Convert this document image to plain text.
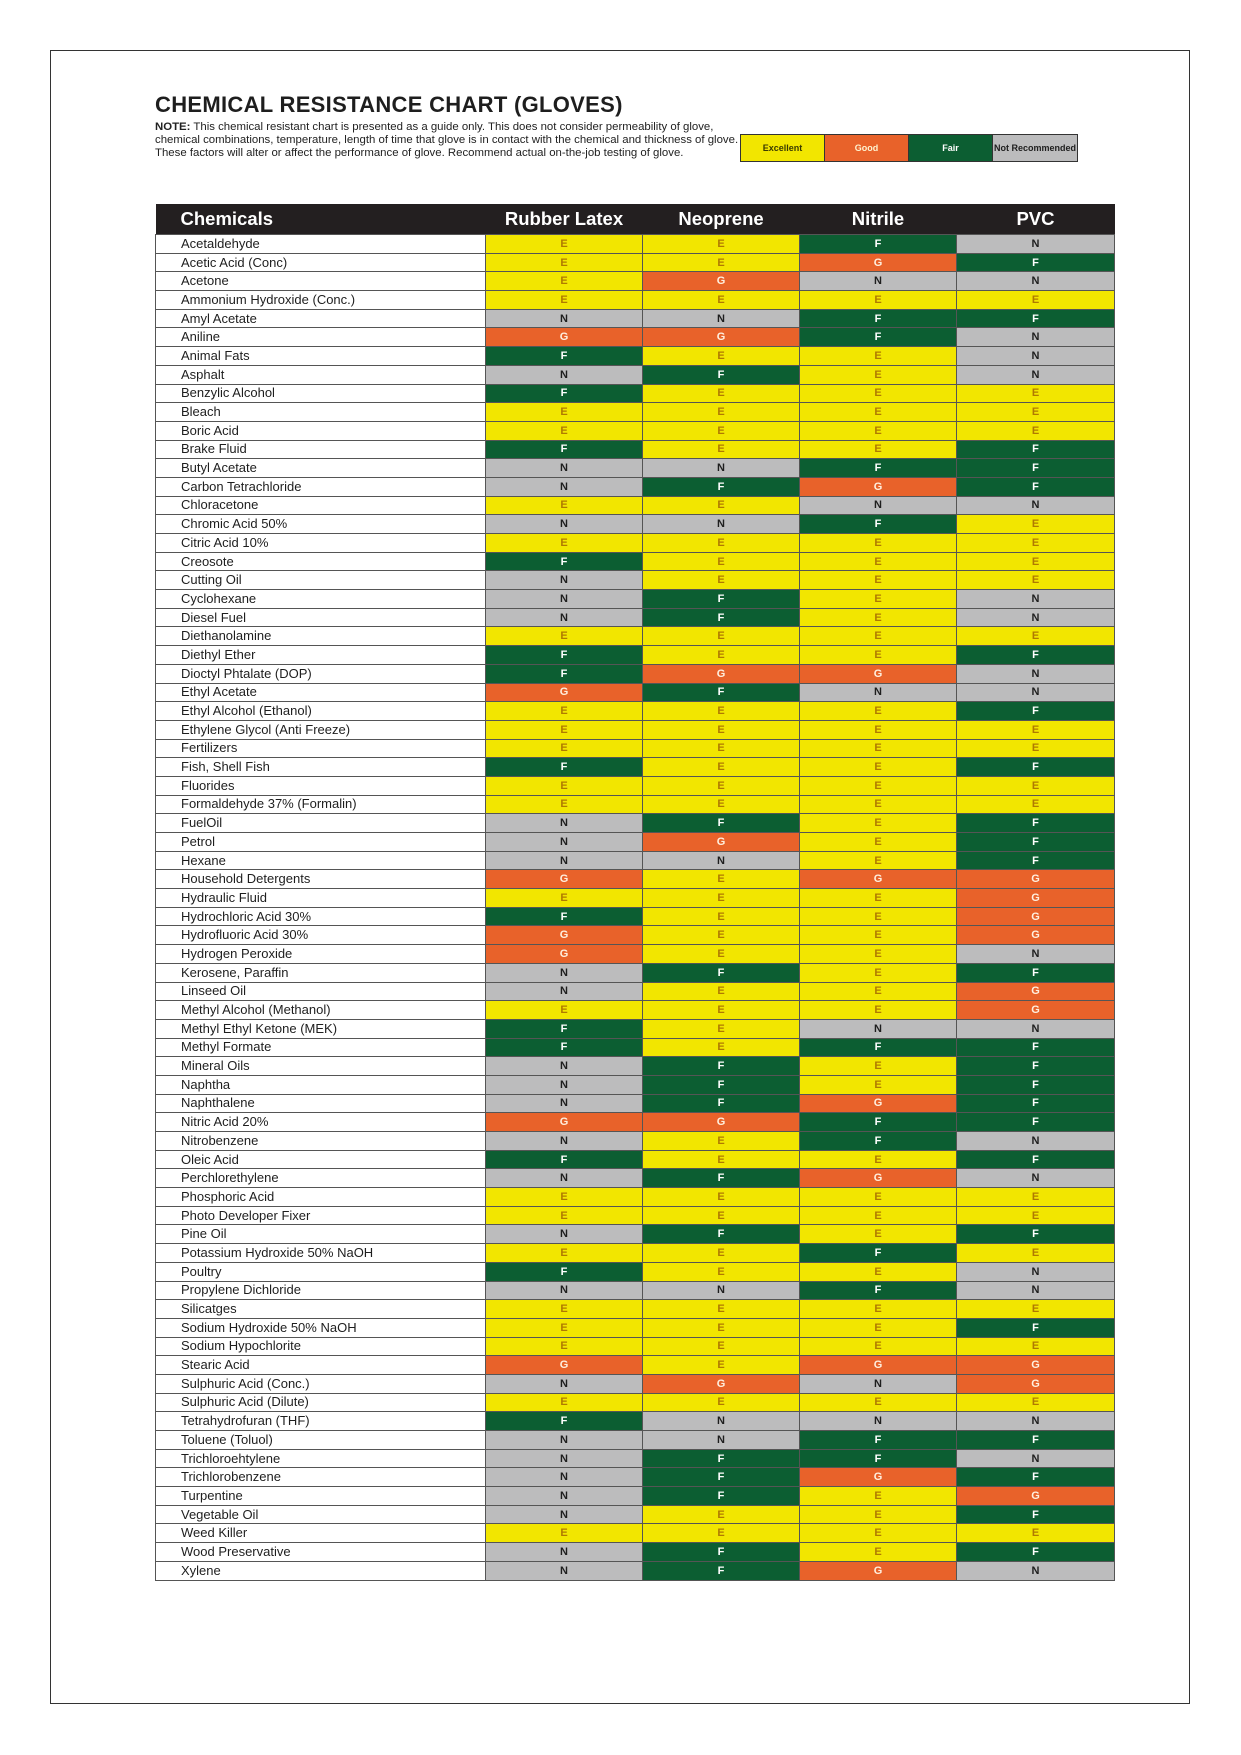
CHEMICAL RESISTANCE CHART (GLOVES)

NOTE: This chemical resistant chart is presented as a guide only. This does not consider permeability of glove, chemical combinations, temperature, length of time that glove is in contact with the chemical and thickness of glove. These factors will alter or affect the performance of glove. Recommend actual on-the-job testing of glove.	Excellent	Good	Fair	Not Recommended
Chemicals	Rubber Latex	Neoprene	Nitrile	PVC
Acetaldehyde	E	E	F	N
Acetic Acid (Conc)	E	E	G	F
Acetone	E	G	N	N
Ammonium Hydroxide (Conc.)	E	E	E	E
Amyl Acetate	N	N	F	F
Aniline	G	G	F	N
Animal Fats	F	E	E	N
Asphalt	N	F	E	N
Benzylic Alcohol	F	E	E	E
Bleach	E	E	E	E
Boric Acid	E	E	E	E
Brake Fluid	F	E	E	F
Butyl Acetate	N	N	F	F
Carbon Tetrachloride	N	F	G	F
Chloracetone	E	E	N	N
Chromic Acid 50%	N	N	F	E
Citric Acid 10%	E	E	E	E
Creosote	F	E	E	E
Cutting Oil	N	E	E	E
Cyclohexane	N	F	E	N
Diesel Fuel	N	F	E	N
Diethanolamine	E	E	E	E
Diethyl Ether	F	E	E	F
Dioctyl Phtalate (DOP)	F	G	G	N
Ethyl Acetate	G	F	N	N
Ethyl Alcohol (Ethanol)	E	E	E	F
Ethylene Glycol (Anti Freeze)	E	E	E	E
Fertilizers	E	E	E	E
Fish, Shell Fish	F	E	E	F
Fluorides	E	E	E	E
Formaldehyde 37% (Formalin)	E	E	E	E
FuelOil	N	F	E	F
Petrol	N	G	E	F
Hexane	N	N	E	F
Household Detergents	G	E	G	G
Hydraulic Fluid	E	E	E	G
Hydrochloric Acid 30%	F	E	E	G
Hydrofluoric Acid 30%	G	E	E	G
Hydrogen Peroxide	G	E	E	N
Kerosene, Paraffin	N	F	E	F
Linseed Oil	N	E	E	G
Methyl Alcohol (Methanol)	E	E	E	G
Methyl Ethyl Ketone (MEK)	F	E	N	N
Methyl Formate	F	E	F	F
Mineral Oils	N	F	E	F
Naphtha	N	F	E	F
Naphthalene	N	F	G	F
Nitric Acid 20%	G	G	F	F
Nitrobenzene	N	E	F	N
Oleic Acid	F	E	E	F
Perchlorethylene	N	F	G	N
Phosphoric Acid	E	E	E	E
Photo Developer Fixer	E	E	E	E
Pine Oil	N	F	E	F
Potassium Hydroxide 50% NaOH	E	E	F	E
Poultry	F	E	E	N
Propylene Dichloride	N	N	F	N
Silicatges	E	E	E	E
Sodium Hydroxide 50% NaOH	E	E	E	F
Sodium Hypochlorite	E	E	E	E
Stearic Acid	G	E	G	G
Sulphuric Acid (Conc.)	N	G	N	G
Sulphuric Acid (Dilute)	E	E	E	E
Tetrahydrofuran (THF)	F	N	N	N
Toluene (Toluol)	N	N	F	F
Trichloroehtylene	N	F	F	N
Trichlorobenzene	N	F	G	F
Turpentine	N	F	E	G
Vegetable Oil	N	E	E	F
Weed Killer	E	E	E	E
Wood Preservative	N	F	E	F
Xylene	N	F	G	N
